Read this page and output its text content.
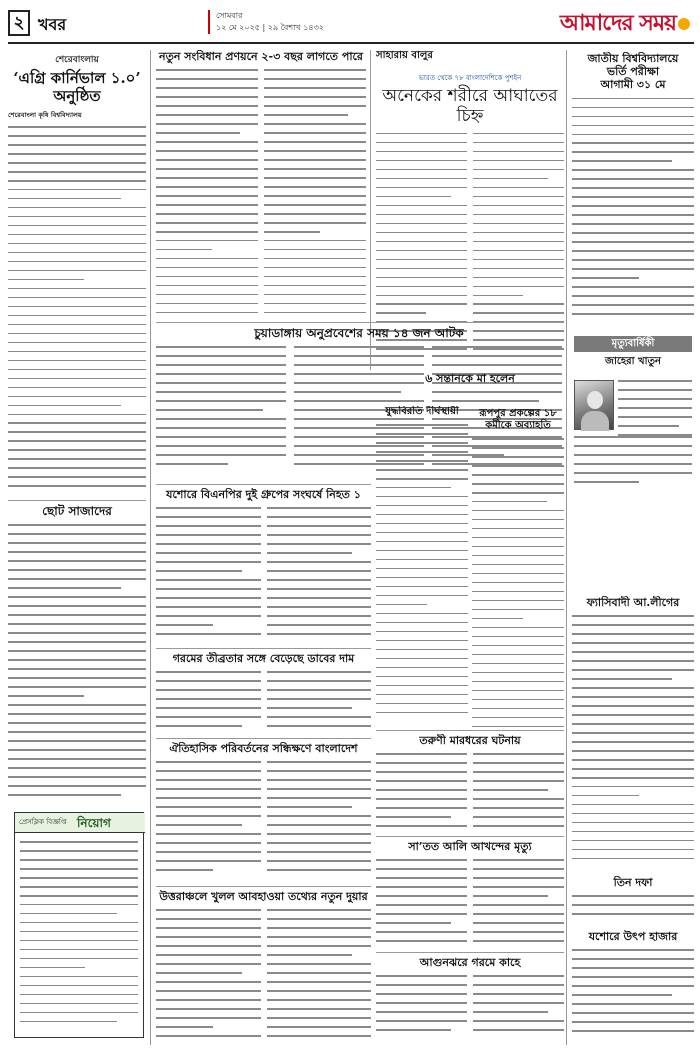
২ খবর	সোমবার
১২ মে ২০২৫ | ২৯ বৈশাখ ১৪৩২	আমাদের সময়
শেরেবাংলায়
‘এগ্রি কার্নিভাল ১.০’ অনুষ্ঠিত
শেরেবাংলা কৃষি বিশ্ববিদ্যালয়
ছোট সাজাদের
প্রেসক্লিক বিজ্ঞপ্তি নিয়োগ
নতুন সংবিধান প্রণয়নে ২-৩ বছর লাগতে পারে	সাহারায় বালুর
ভারত থেকে ৭৮ বাংলাদেশিকে পুশইন
অনেকের শরীরে আঘাতের চিহ্ন
জাতীয় বিশ্ববিদ্যালয়ে
ভর্তি পরীক্ষা
আগামী ৩১ মে
মৃত্যুবার্ষিকী
জাহেরা খাতুন
ফ্যাসিবাদী আ.লীগের
তিন দফা
যশোরে উৎপ হাজার
চুয়াডাঙ্গায় অনুপ্রবেশের সময় ১৪ জন আটক
৬ সন্তানকে মা হলেন
যশোরে বিএনপির দুই গ্রুপের সংঘর্ষে নিহত ১
যুদ্ধবিরতি দীর্ঘস্থায়ী	রূপপুর প্রকল্পের ১৮ কর্মীকে অব্যাহতি
গরমের তীব্রতার সঙ্গে বেড়েছে ডাবের দাম
ঐতিহাসিক পরিবর্তনের সন্ধিক্ষণে বাংলাদেশ
তরুণী মারধরের ঘটনায়
উত্তরাঞ্চলে খুলল আবহাওয়া তথ্যের নতুন দুয়ার
সা’তত আলি আখন্দের মৃত্যু
আগুনঝরে গরমে কাহে
